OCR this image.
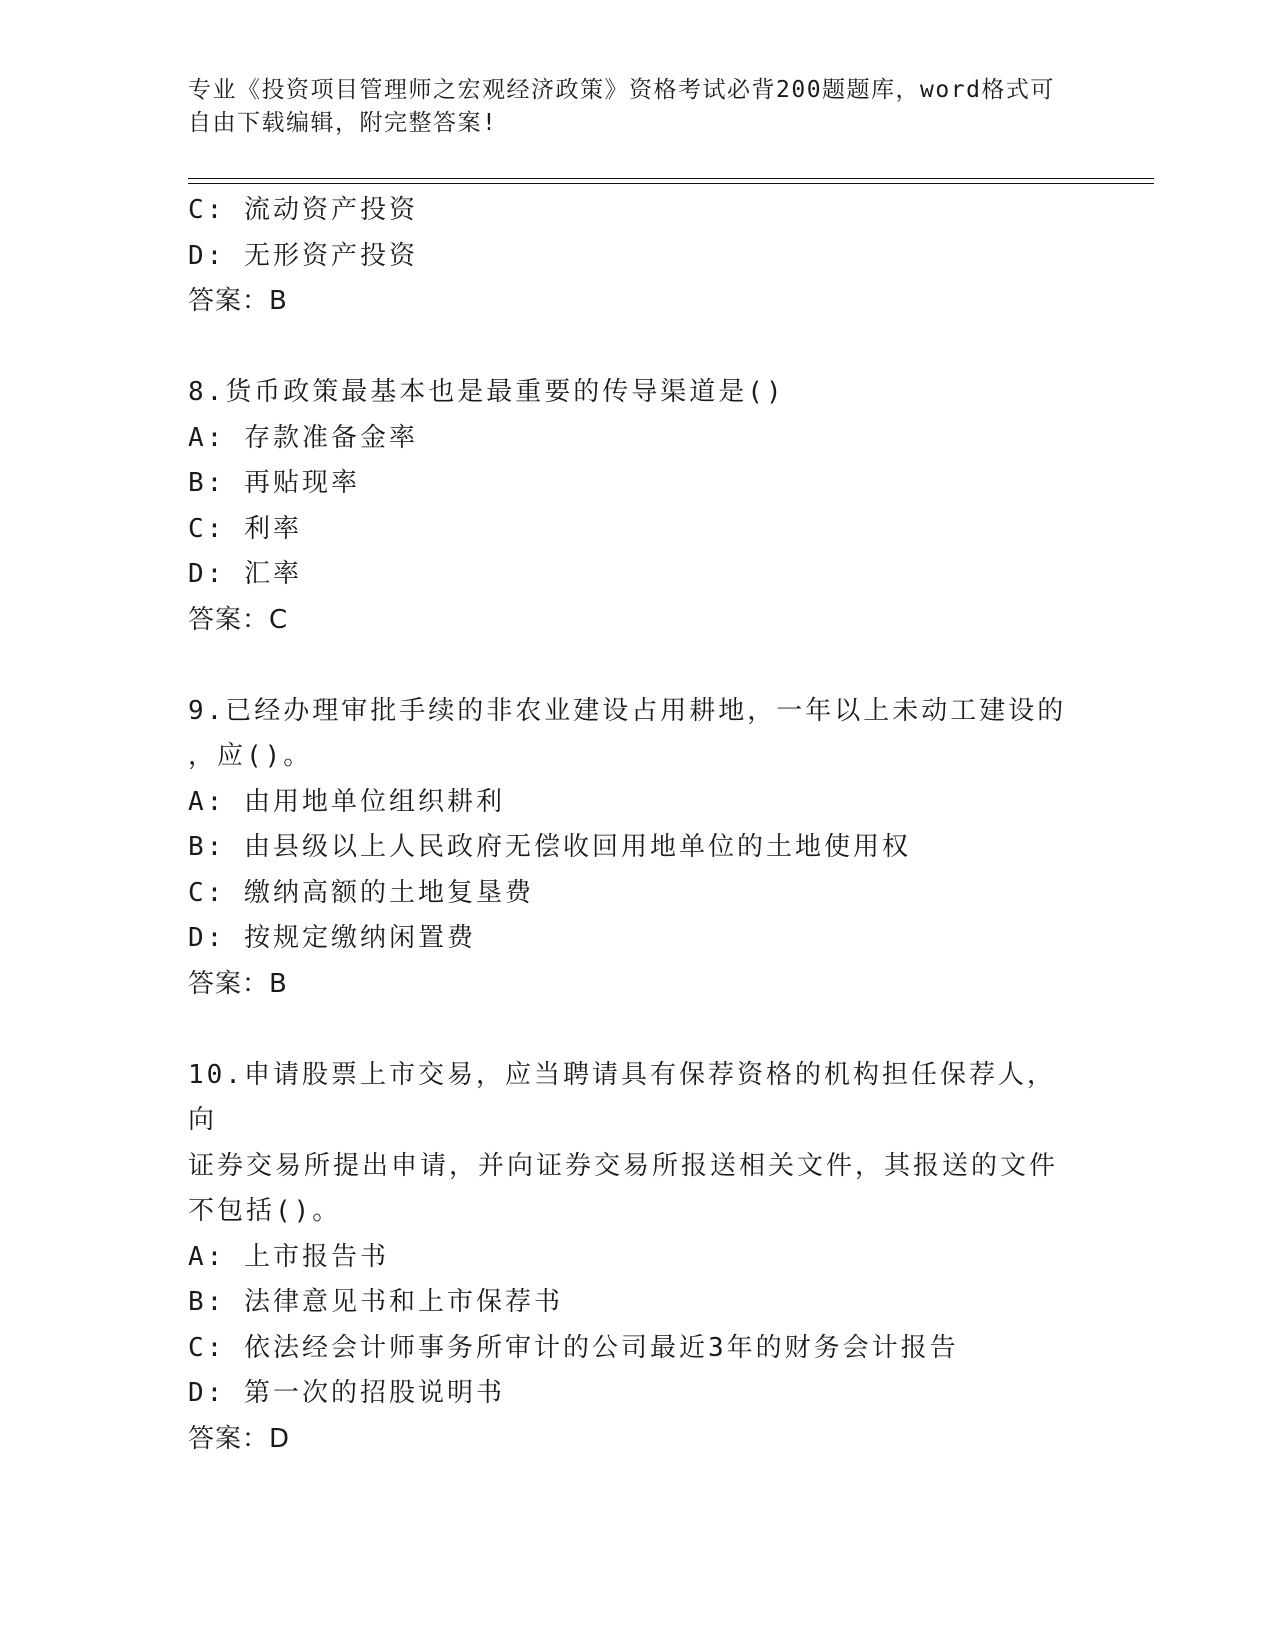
专业《投资项目管理师之宏观经济政策》资格考试必背200题题库，word格式可
自由下载编辑，附完整答案!
C: 流动资产投资
D: 无形资产投资
答案：B
8.货币政策最基本也是最重要的传导渠道是()
A: 存款准备金率
B: 再贴现率
C: 利率
D: 汇率
答案：C
9.已经办理审批手续的非农业建设占用耕地，一年以上未动工建设的
，应()。
A: 由用地单位组织耕利
B: 由县级以上人民政府无偿收回用地单位的土地使用权
C: 缴纳高额的土地复垦费
D: 按规定缴纳闲置费
答案：B
10.申请股票上市交易，应当聘请具有保荐资格的机构担任保荐人，向
证券交易所提出申请，并向证券交易所报送相关文件，其报送的文件
不包括()。
A: 上市报告书
B: 法律意见书和上市保荐书
C: 依法经会计师事务所审计的公司最近3年的财务会计报告
D: 第一次的招股说明书
答案：D
